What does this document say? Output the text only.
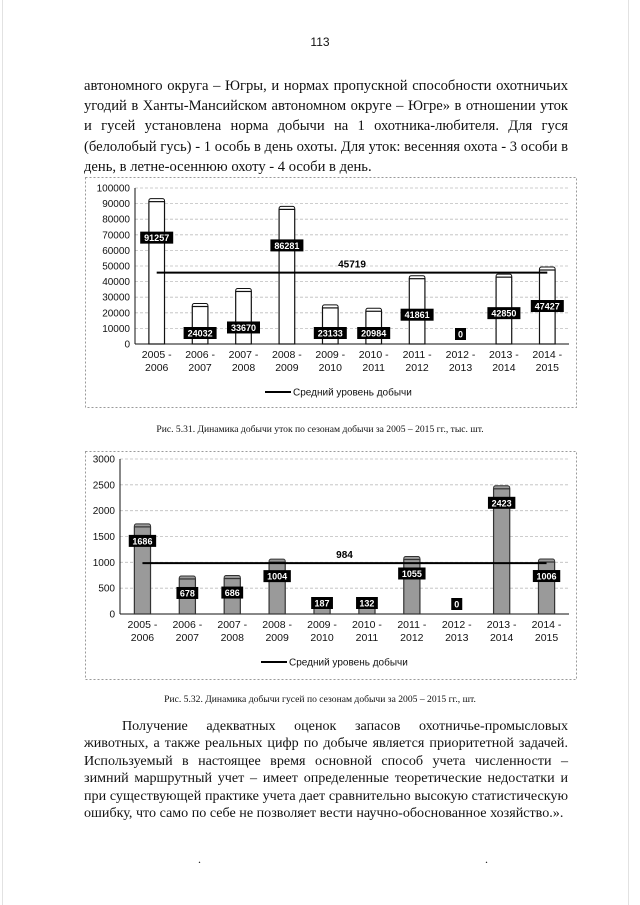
113

автономного округа – Югры, и нормах пропускной способности охотничьих угодий в Ханты-Мансийском автономном округе – Югре» в отношении уток и гусей установлена норма добычи на 1 охотника-любителя. Для гуся (белолобый гусь) - 1 особь в день охоты. Для уток: весенняя охота - 3 особи в день, в летне-осеннюю охоту - 4 особи в день.

0
10000
20000
30000
40000
50000
60000
70000
80000
90000
100000
2005 -
2006
91257
2006 -
2007
24032
2007 -
2008
33670
2008 -
2009
86281
2009 -
2010
23133
2010 -
2011
20984
2011 -
2012
41861
2012 -
2013
0
2013 -
2014
42850
2014 -
2015
47427
45719
Средний уровень добычи
Рис. 5.31. Динамика добычи уток по сезонам добычи за 2005 – 2015 гг., тыс. шт.
0
500
1000
1500
2000
2500
3000
2005 -
2006
1686
2006 -
2007
678
2007 -
2008
686
2008 -
2009
1004
2009 -
2010
187
2010 -
2011
132
2011 -
2012
1055
2012 -
2013
0
2013 -
2014
2423
2014 -
2015
1006
984
Средний уровень добычи
Рис. 5.32. Динамика добычи гусей по сезонам добычи за 2005 – 2015 гг., шт.

Получение адекватных оценок запасов охотничье-промысловых животных, а также реальных цифр по добыче является приоритетной задачей. Используемый в настоящее время основной способ учета численности – зимний маршрутный учет – имеет определенные теоретические недостатки и при существующей практике учета дает сравнительно высокую статистическую ошибку, что само по себе не позволяет вести научно-обоснованное хозяйство.».

.	.
